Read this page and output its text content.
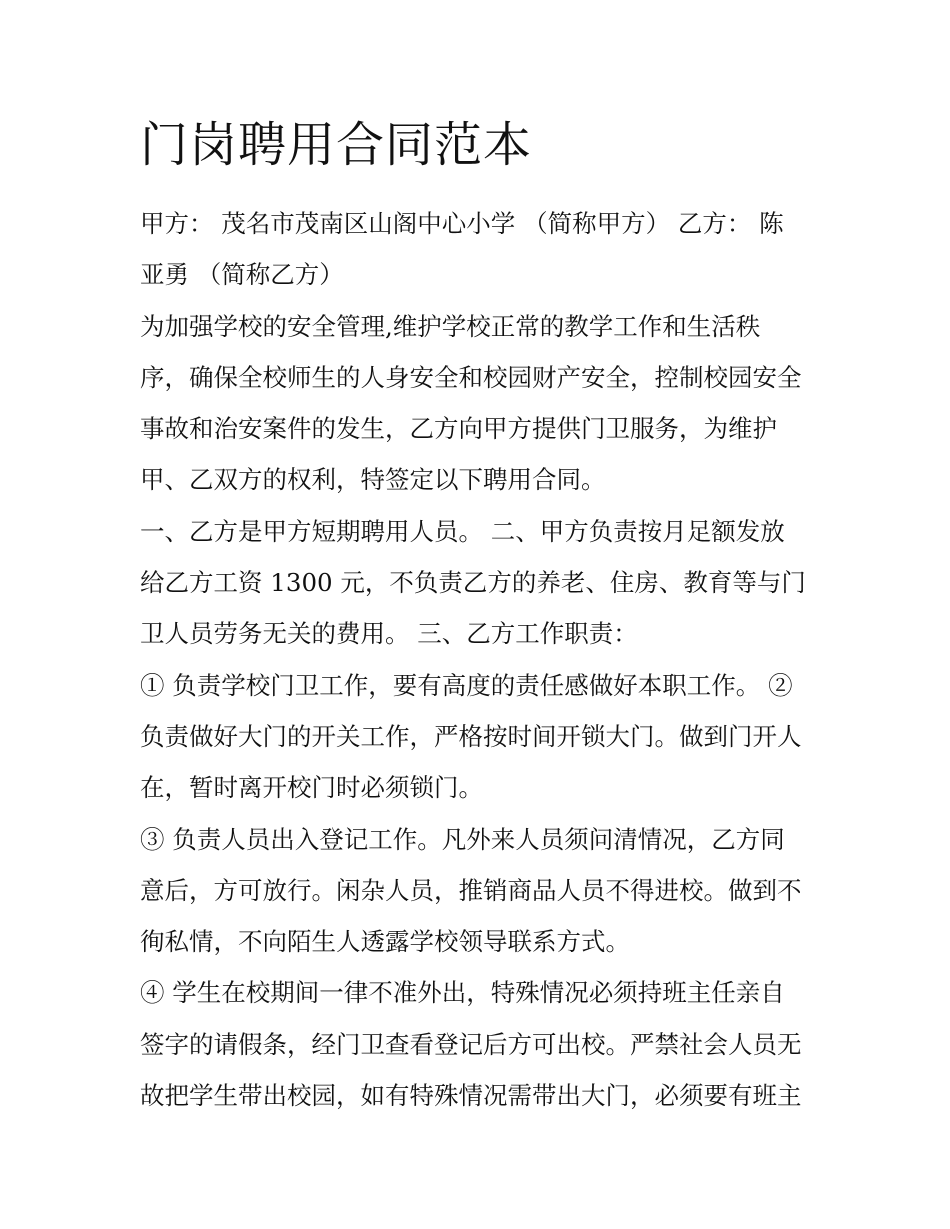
门岗聘用合同范本
甲方： 茂名市茂南区山阁中心小学 （简称甲方） 乙方： 陈
亚勇 （简称乙方）
为加强学校的安全管理,维护学校正常的教学工作和生活秩
序，确保全校师生的人身安全和校园财产安全，控制校园安全
事故和治安案件的发生，乙方向甲方提供门卫服务，为维护
甲、乙双方的权利，特签定以下聘用合同。
一、乙方是甲方短期聘用人员。 二、甲方负责按月足额发放
给乙方工资 1300 元，不负责乙方的养老、住房、教育等与门
卫人员劳务无关的费用。 三、乙方工作职责：
① 负责学校门卫工作，要有高度的责任感做好本职工作。 ②
负责做好大门的开关工作，严格按时间开锁大门。做到门开人
在，暂时离开校门时必须锁门。
③ 负责人员出入登记工作。凡外来人员须问清情况，乙方同
意后，方可放行。闲杂人员，推销商品人员不得进校。做到不
徇私情，不向陌生人透露学校领导联系方式。
④ 学生在校期间一律不准外出，特殊情况必须持班主任亲自
签字的请假条，经门卫查看登记后方可出校。严禁社会人员无
故把学生带出校园，如有特殊情况需带出大门，必须要有班主
